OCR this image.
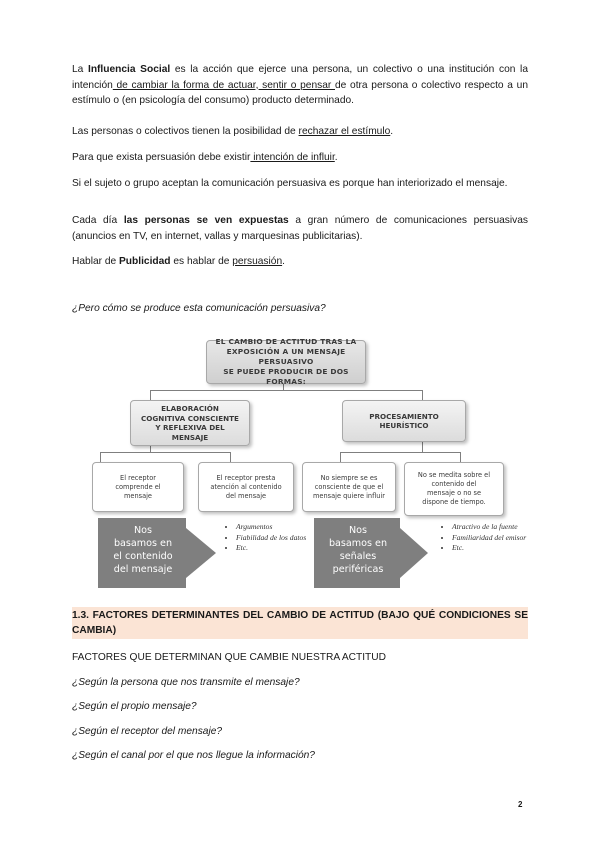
La Influencia Social es la acción que ejerce una persona, un colectivo o una institución con la intención de cambiar la forma de actuar, sentir o pensar de otra persona o colectivo respecto a un estímulo o (en psicología del consumo) producto determinado.

Las personas o colectivos tienen la posibilidad de rechazar el estímulo.

Para que exista persuasión debe existir intención de influir.

Si el sujeto o grupo aceptan la comunicación persuasiva es porque han interiorizado el mensaje.

Cada día las personas se ven expuestas a gran número de comunicaciones persuasivas (anuncios en TV, en internet, vallas y marquesinas publicitarias).

Hablar de Publicidad es hablar de persuasión.

¿Pero cómo se produce esta comunicación persuasiva?
EL CAMBIO DE ACTITUD TRAS LA
EXPOSICIÓN A UN MENSAJE PERSUASIVO
SE PUEDE PRODUCIR DE DOS FORMAS:
ELABORACIÓN
COGNITIVA CONSCIENTE
Y REFLEXIVA DEL
MENSAJE
PROCESAMIENTO
HEURÍSTICO
El receptor
comprende el
mensaje
El receptor presta
atención al contenido
del mensaje
No siempre se es
consciente de que el
mensaje quiere influir
No se medita sobre el
contenido del
mensaje o no se
dispone de tiempo.
Nos
basamos en
el contenido
del mensaje
Nos
basamos en
señales
periféricas
• Argumentos
• Fiabilidad de los datos
• Etc.
• Atractivo de la fuente
• Familiaridad del emisor
• Etc.
1.3. FACTORES DETERMINANTES DEL CAMBIO DE ACTITUD (BAJO QUÉ CONDICIONES SE CAMBIA)
FACTORES QUE DETERMINAN QUE CAMBIE NUESTRA ACTITUD
¿Según la persona que nos transmite el mensaje?
¿Según el propio mensaje?
¿Según el receptor del mensaje?
¿Según el canal por el que nos llegue la información?
2
